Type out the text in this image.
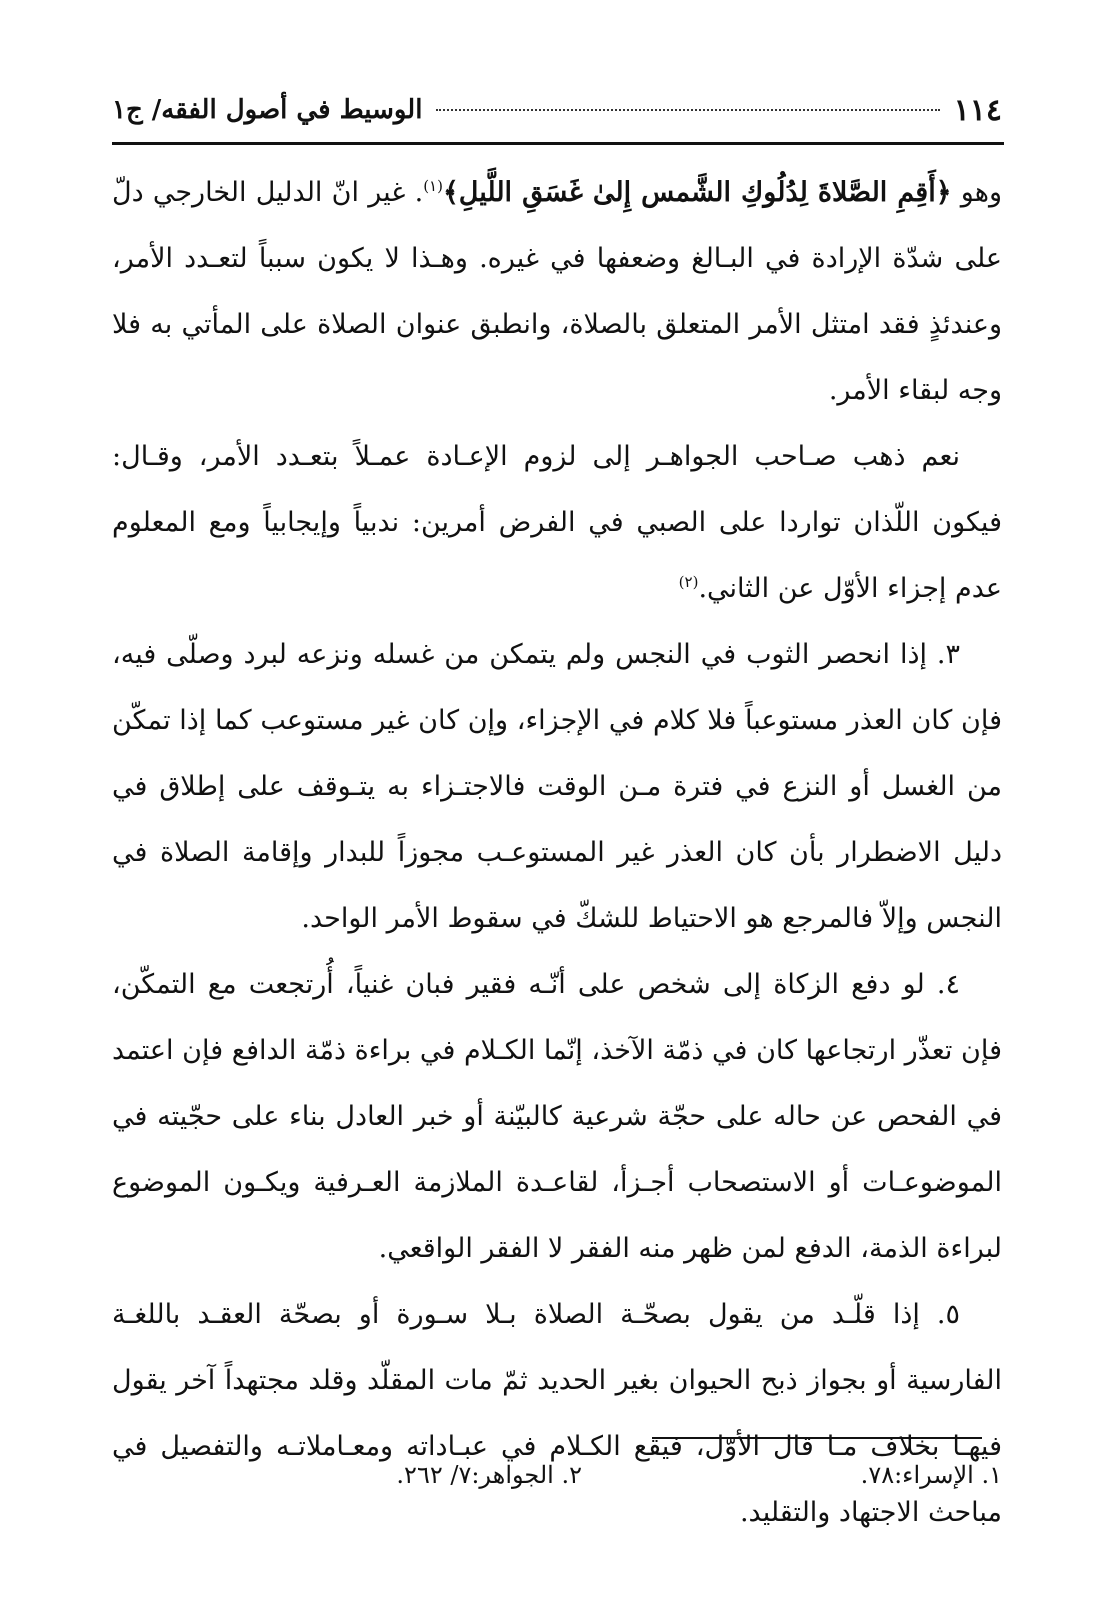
١١٤
الوسيط في أصول الفقه/ ج١

وهو ﴿أَقِمِ الصَّلاةَ لِدُلُوكِ الشَّمس إِلىٰ غَسَقِ اللَّيلِ﴾$^{(١)}$. غير انّ الدليل الخارجي دلّ على شدّة الإرادة في البـالغ وضعفها في غيره. وهـذا لا يكون سبباً لتعـدد الأمر، وعندئذٍ فقد امتثل الأمر المتعلق بالصلاة، وانطبق عنوان الصلاة على المأتي به فلا وجه لبقاء الأمر.

نعم ذهب صـاحب الجواهـر إلى لزوم الإعـادة عمـلاً بتعـدد الأمر، وقـال: فيكون اللّذان تواردا على الصبي في الفرض أمرين: ندبياً وإيجابياً ومع المعلوم عدم إجزاء الأوّل عن الثاني.$^{(٢)}$

٣. إذا انحصر الثوب في النجس ولم يتمكن من غسله ونزعه لبرد وصلّى فيه، فإن كان العذر مستوعباً فلا كلام في الإجزاء، وإن كان غير مستوعب كما إذا تمكّن من الغسل أو النزع في فترة مـن الوقت فالاجتـزاء به يتـوقف على إطلاق في دليل الاضطرار بأن كان العذر غير المستوعـب مجوزاً للبدار وإقامة الصلاة في النجس وإلاّ فالمرجع هو الاحتياط للشكّ في سقوط الأمر الواحد.

٤. لو دفع الزكاة إلى شخص على أنّـه فقير فبان غنياً، أُرتجعت مع التمكّن، فإن تعذّر ارتجاعها كان في ذمّة الآخذ، إنّما الكـلام في براءة ذمّة الدافع فإن اعتمد في الفحص عن حاله على حجّة شرعية كالبيّنة أو خبر العادل بناء على حجّيته في الموضوعـات أو الاستصحاب أجـزأ، لقاعـدة الملازمة العـرفية ويكـون الموضوع لبراءة الذمة، الدفع لمن ظهر منه الفقر لا الفقر الواقعي.

٥. إذا قلّـد من يقول بصحّـة الصلاة بـلا سـورة أو بصحّة العقـد باللغـة الفارسية أو بجواز ذبح الحيوان بغير الحديد ثمّ مات المقلّد وقلد مجتهداً آخر يقول فيهـا بخلاف مـا قال الأوّل، فيقع الكـلام في عبـاداته ومعـاملاتـه والتفصيل في مباحث الاجتهاد والتقليد.

١. الإسراء:٧٨.
٢. الجواهر:٧/ ٢٦٢.
